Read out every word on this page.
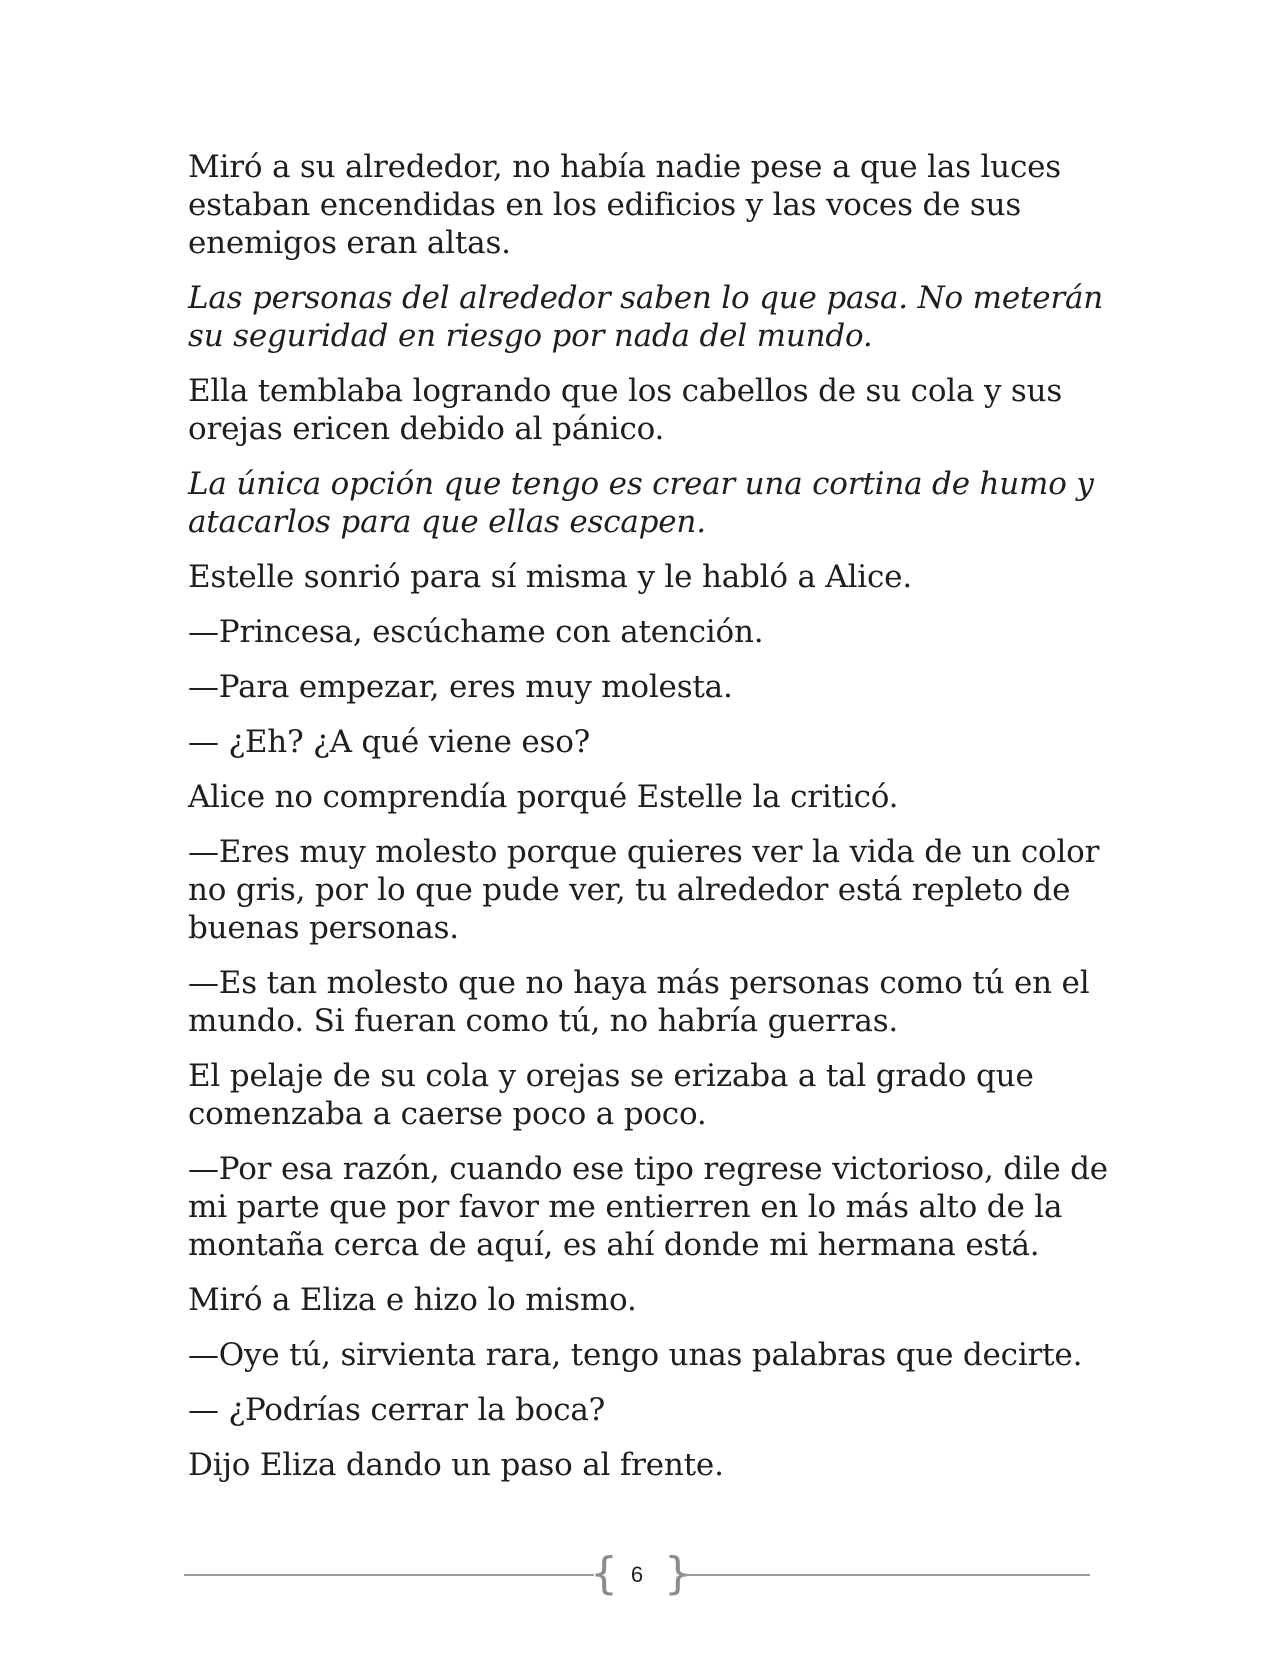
Miró a su alrededor, no había nadie pese a que las luces estaban encendidas en los edificios y las voces de sus enemigos eran altas.

Las personas del alrededor saben lo que pasa. No meterán su seguridad en riesgo por nada del mundo.

Ella temblaba logrando que los cabellos de su cola y sus orejas ericen debido al pánico.

La única opción que tengo es crear una cortina de humo y atacarlos para que ellas escapen.

Estelle sonrió para sí misma y le habló a Alice.

—Princesa, escúchame con atención.

—Para empezar, eres muy molesta.

— ¿Eh? ¿A qué viene eso?

Alice no comprendía porqué Estelle la criticó.

—Eres muy molesto porque quieres ver la vida de un color no gris, por lo que pude ver, tu alrededor está repleto de buenas personas.

—Es tan molesto que no haya más personas como tú en el mundo. Si fueran como tú, no habría guerras.

El pelaje de su cola y orejas se erizaba a tal grado que comenzaba a caerse poco a poco.

—Por esa razón, cuando ese tipo regrese victorioso, dile de mi parte que por favor me entierren en lo más alto de la montaña cerca de aquí, es ahí donde mi hermana está.

Miró a Eliza e hizo lo mismo.

—Oye tú, sirvienta rara, tengo unas palabras que decirte.

— ¿Podrías cerrar la boca?

Dijo Eliza dando un paso al frente.

{ 6 }
